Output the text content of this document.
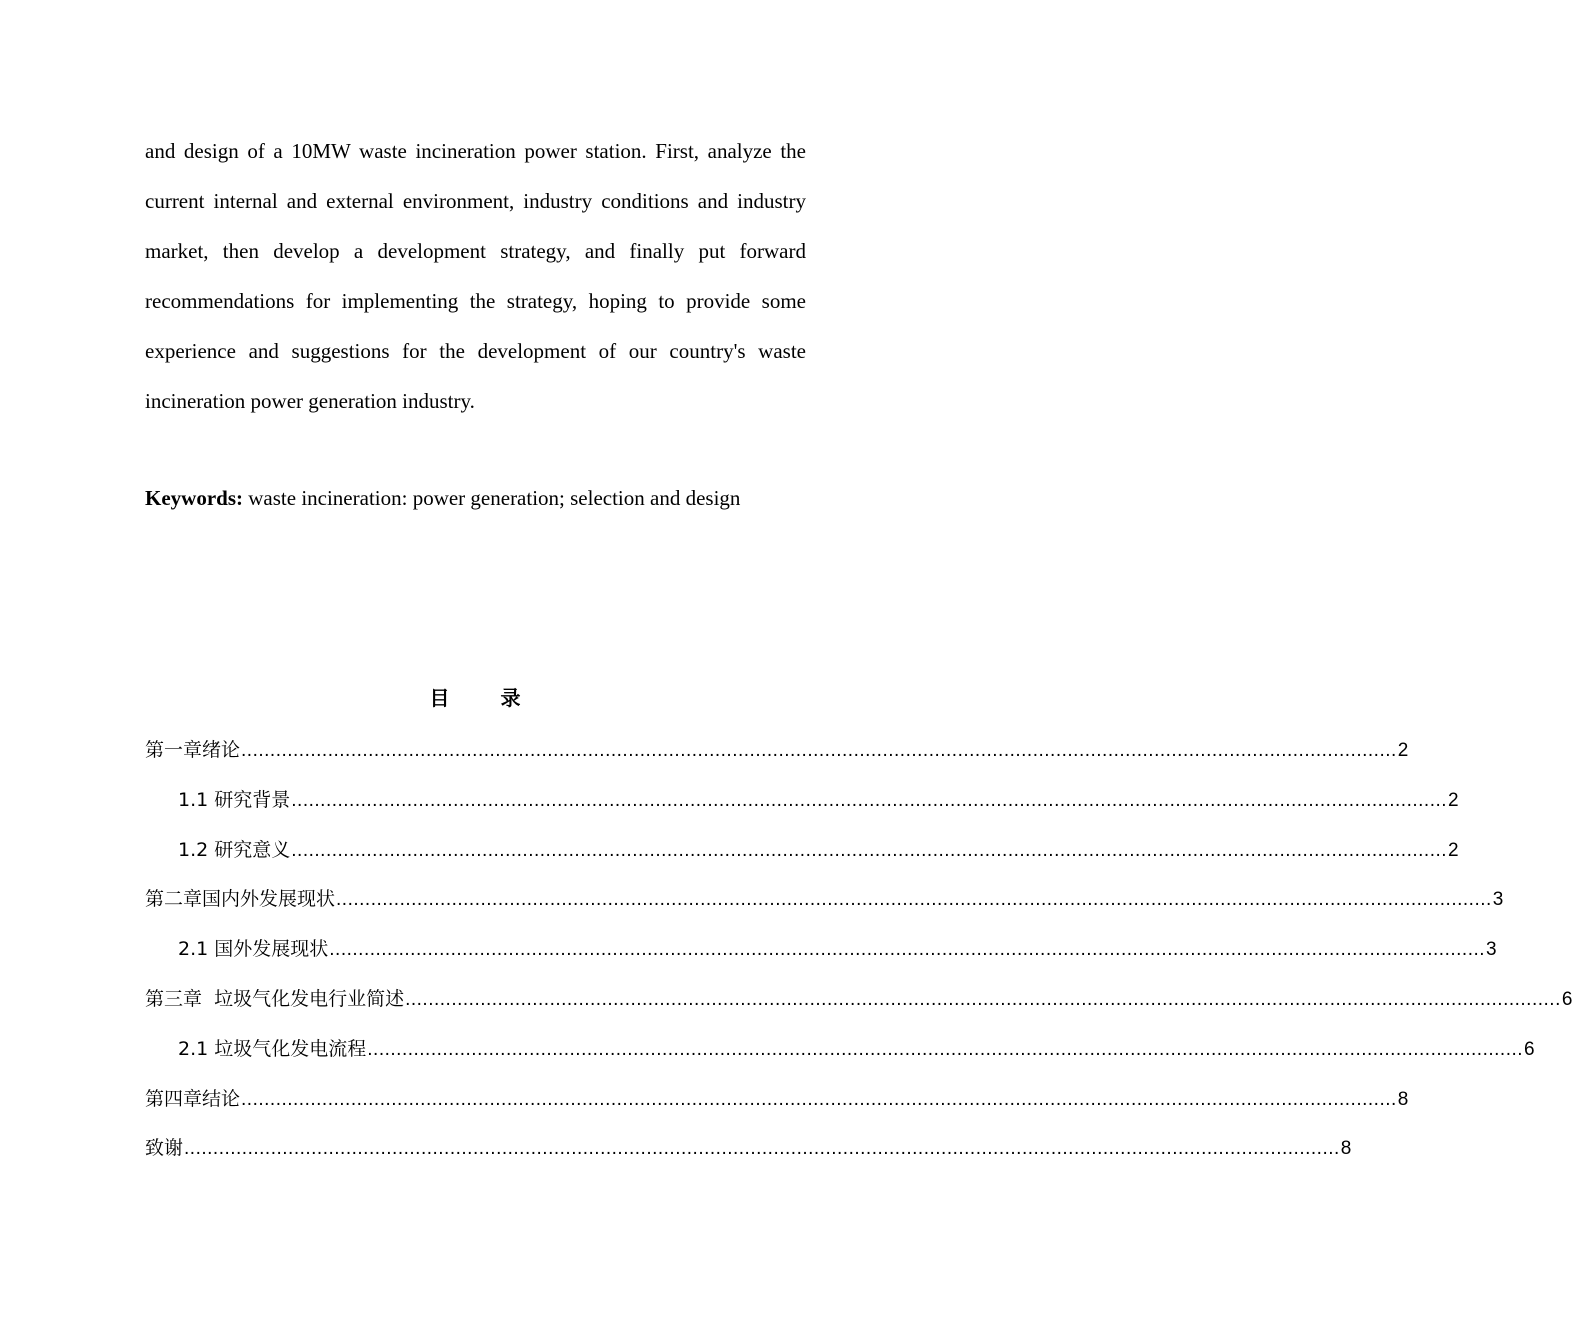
and design of a 10MW waste incineration power station. First, analyze the current internal and external environment, industry conditions and industry market, then develop a development strategy, and finally put forward recommendations for implementing the strategy, hoping to provide some experience and suggestions for the development of our country's waste incineration power generation industry.

Keywords: waste incineration: power generation; selection and design
目 录
第一章绪论 ........................................................................................................................................................................................................ 2
1.1 研究背景 ........................................................................................................................................................................................................ 2
1.2 研究意义 ........................................................................................................................................................................................................ 2
第二章国内外发展现状 ........................................................................................................................................................................................................ 3
2.1 国外发展现状 ........................................................................................................................................................................................................ 3
第三章  垃圾气化发电行业简述 ........................................................................................................................................................................................................ 6
2.1 垃圾气化发电流程 ........................................................................................................................................................................................................ 6
第四章结论 ........................................................................................................................................................................................................ 8
致谢 ........................................................................................................................................................................................................ 8
